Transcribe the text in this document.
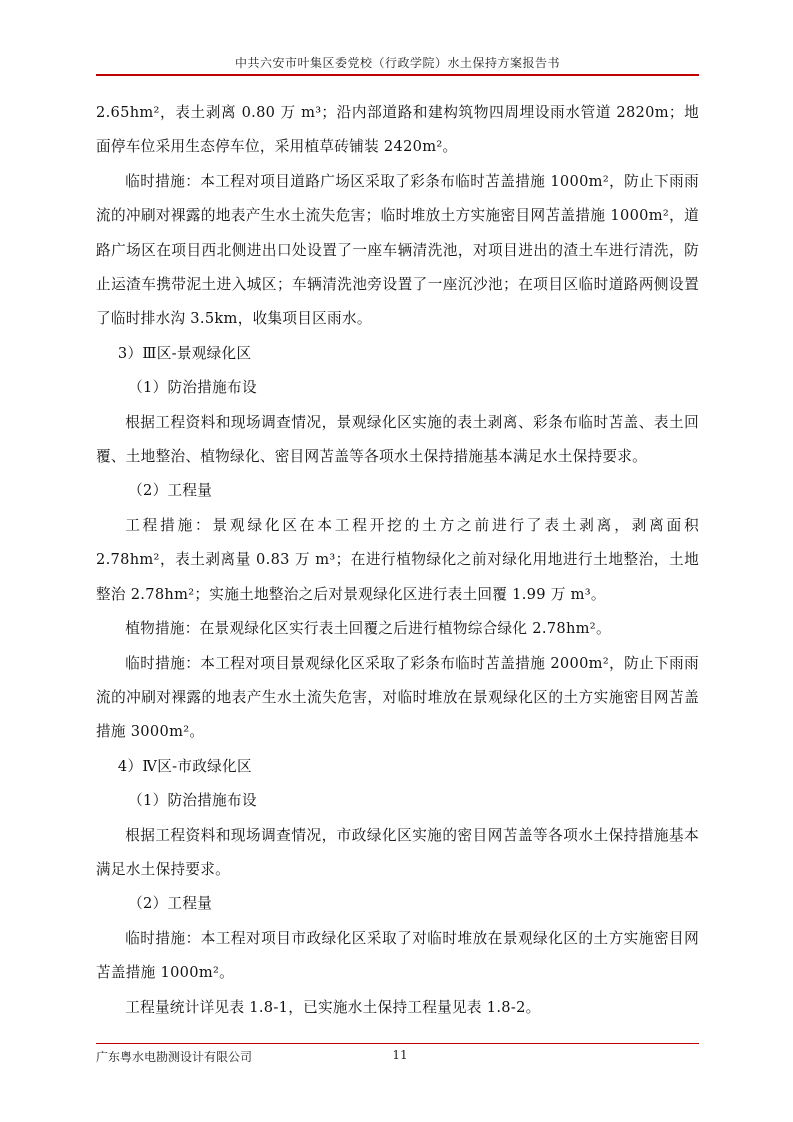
中共六安市叶集区委党校（行政学院）水土保持方案报告书

2.65hm²，表土剥离 0.80 万 m³；沿内部道路和建构筑物四周埋设雨水管道 2820m；地面停车位采用生态停车位，采用植草砖铺装 2420m²。

临时措施：本工程对项目道路广场区采取了彩条布临时苫盖措施 1000m²，防止下雨雨流的冲刷对裸露的地表产生水土流失危害；临时堆放土方实施密目网苫盖措施 1000m²，道路广场区在项目西北侧进出口处设置了一座车辆清洗池，对项目进出的渣土车进行清洗，防止运渣车携带泥土进入城区；车辆清洗池旁设置了一座沉沙池；在项目区临时道路两侧设置了临时排水沟 3.5km，收集项目区雨水。

3）Ⅲ区-景观绿化区

（1）防治措施布设

根据工程资料和现场调查情况，景观绿化区实施的表土剥离、彩条布临时苫盖、表土回覆、土地整治、植物绿化、密目网苫盖等各项水土保持措施基本满足水土保持要求。

（2）工程量

工程措施：景观绿化区在本工程开挖的土方之前进行了表土剥离，剥离面积 2.78hm²，表土剥离量 0.83 万 m³；在进行植物绿化之前对绿化用地进行土地整治，土地整治 2.78hm²；实施土地整治之后对景观绿化区进行表土回覆 1.99 万 m³。

植物措施：在景观绿化区实行表土回覆之后进行植物综合绿化 2.78hm²。

临时措施：本工程对项目景观绿化区采取了彩条布临时苫盖措施 2000m²，防止下雨雨流的冲刷对裸露的地表产生水土流失危害，对临时堆放在景观绿化区的土方实施密目网苫盖措施 3000m²。

4）Ⅳ区-市政绿化区

（1）防治措施布设

根据工程资料和现场调查情况，市政绿化区实施的密目网苫盖等各项水土保持措施基本满足水土保持要求。

（2）工程量

临时措施：本工程对项目市政绿化区采取了对临时堆放在景观绿化区的土方实施密目网苫盖措施 1000m²。

工程量统计详见表 1.8-1，已实施水土保持工程量见表 1.8-2。

广东粤水电勘测设计有限公司	11
